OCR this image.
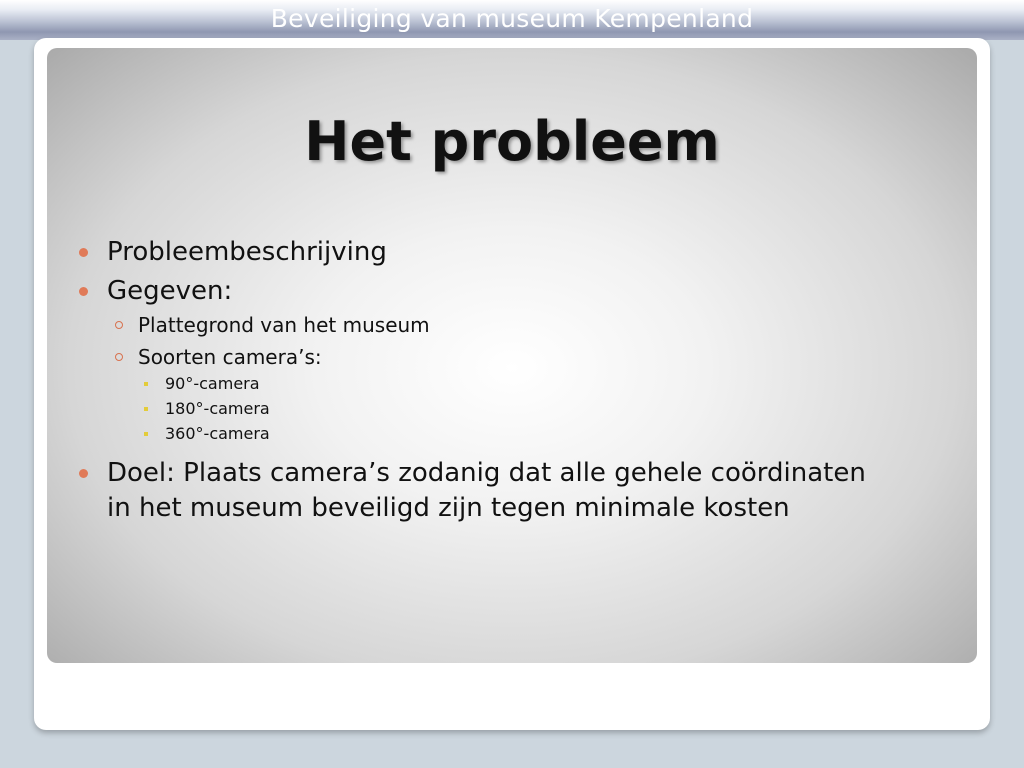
Beveiliging van museum Kempenland
Het probleem
Probleembeschrijving
Gegeven:
Plattegrond van het museum
Soorten camera’s:
90°-camera
180°-camera
360°-camera
Doel: Plaats camera’s zodanig dat alle gehele coördinaten
in het museum beveiligd zijn tegen minimale kosten
